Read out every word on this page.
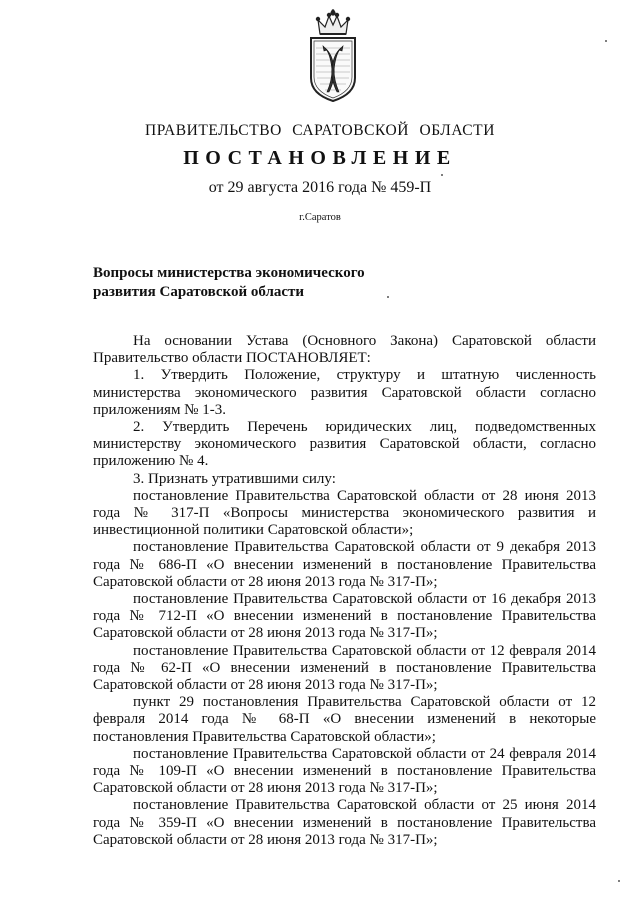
ПРАВИТЕЛЬСТВО САРАТОВСКОЙ ОБЛАСТИ
ПОСТАНОВЛЕНИЕ
от 29 августа 2016 года № 459-П
г.Саратов
Вопросы министерства экономического
развития Саратовской области

На основании Устава (Основного Закона) Саратовской области Правительство области ПОСТАНОВЛЯЕТ:

1. Утвердить Положение, структуру и штатную численность министерства экономического развития Саратовской области согласно приложениям № 1-3.

2. Утвердить Перечень юридических лиц, подведомственных министерству экономического развития Саратовской области, согласно приложению № 4.

3. Признать утратившими силу:

постановление Правительства Саратовской области от 28 июня 2013 года № 317-П «Вопросы министерства экономического развития и инвестиционной политики Саратовской области»;

постановление Правительства Саратовской области от 9 декабря 2013 года № 686-П «О внесении изменений в постановление Правительства Саратовской области от 28 июня 2013 года № 317-П»;

постановление Правительства Саратовской области от 16 декабря 2013 года № 712-П «О внесении изменений в постановление Правительства Саратовской области от 28 июня 2013 года № 317-П»;

постановление Правительства Саратовской области от 12 февраля 2014 года № 62-П «О внесении изменений в постановление Правительства Саратовской области от 28 июня 2013 года № 317-П»;

пункт 29 постановления Правительства Саратовской области от 12 февраля 2014 года № 68-П «О внесении изменений в некоторые постановления Правительства Саратовской области»;

постановление Правительства Саратовской области от 24 февраля 2014 года № 109-П «О внесении изменений в постановление Правительства Саратовской области от 28 июня 2013 года № 317-П»;

постановление Правительства Саратовской области от 25 июня 2014 года № 359-П «О внесении изменений в постановление Правительства Саратовской области от 28 июня 2013 года № 317-П»;
